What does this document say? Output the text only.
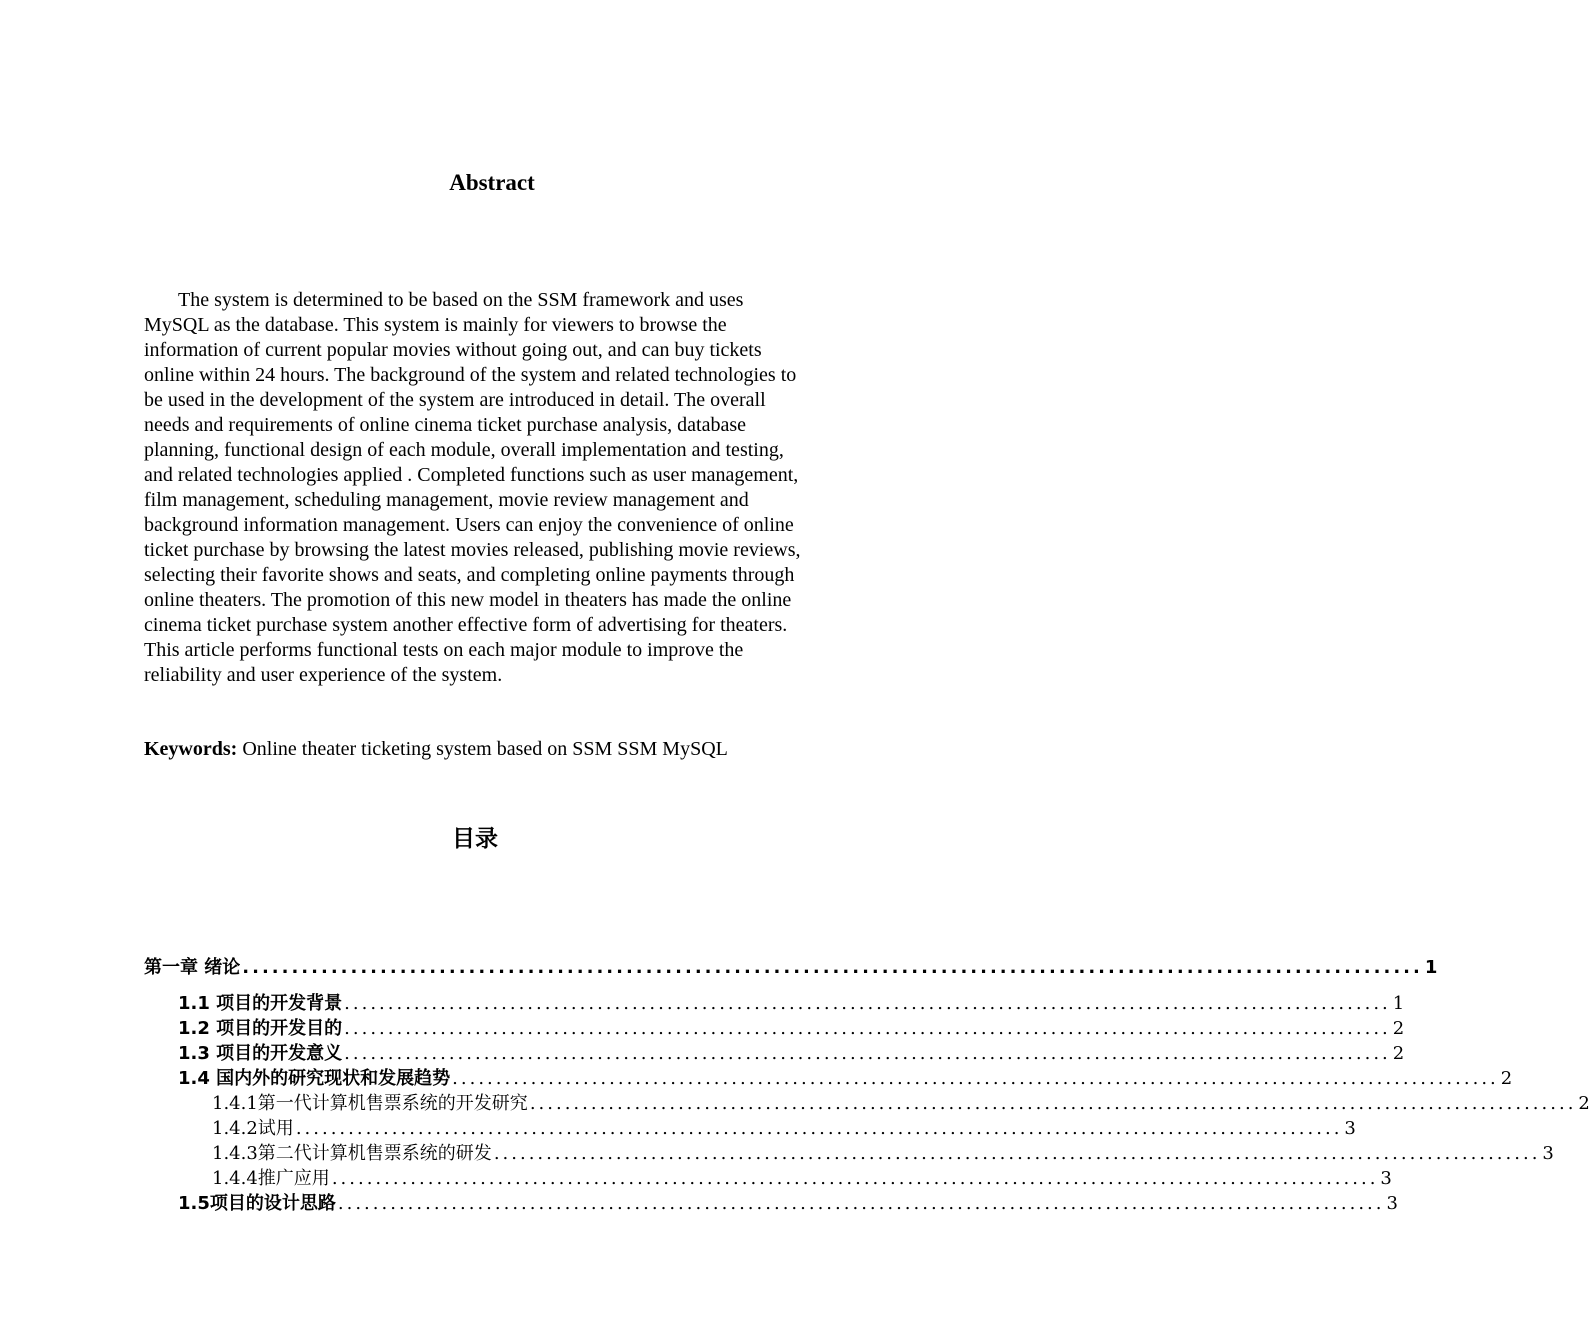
Abstract

The system is determined to be based on the SSM framework and uses MySQL as the database. This system is mainly for viewers to browse the information of current popular movies without going out, and can buy tickets online within 24 hours. The background of the system and related technologies to be used in the development of the system are introduced in detail. The overall needs and requirements of online cinema ticket purchase analysis, database planning, functional design of each module, overall implementation and testing, and related technologies applied . Completed functions such as user management, film management, scheduling management, movie review management and background information management. Users can enjoy the convenience of online ticket purchase by browsing the latest movies released, publishing movie reviews, selecting their favorite shows and seats, and completing online payments through online theaters. The promotion of this new model in theaters has made the online cinema ticket purchase system another effective form of advertising for theaters. This article performs functional tests on each major module to improve the reliability and user experience of the system.

Keywords: Online theater ticketing system based on SSM SSM MySQL

目录
第一章 绪论 ........................................................................................................................ 1
1.1 项目的开发背景 ........................................................................................................................ 1
1.2 项目的开发目的 ........................................................................................................................ 2
1.3 项目的开发意义 ........................................................................................................................ 2
1.4 国内外的研究现状和发展趋势 ........................................................................................................................ 2
1.4.1第一代计算机售票系统的开发研究 ........................................................................................................................ 2
1.4.2试用 ........................................................................................................................ 3
1.4.3第二代计算机售票系统的研发 ........................................................................................................................ 3
1.4.4推广应用 ........................................................................................................................ 3
1.5项目的设计思路 ........................................................................................................................ 3
